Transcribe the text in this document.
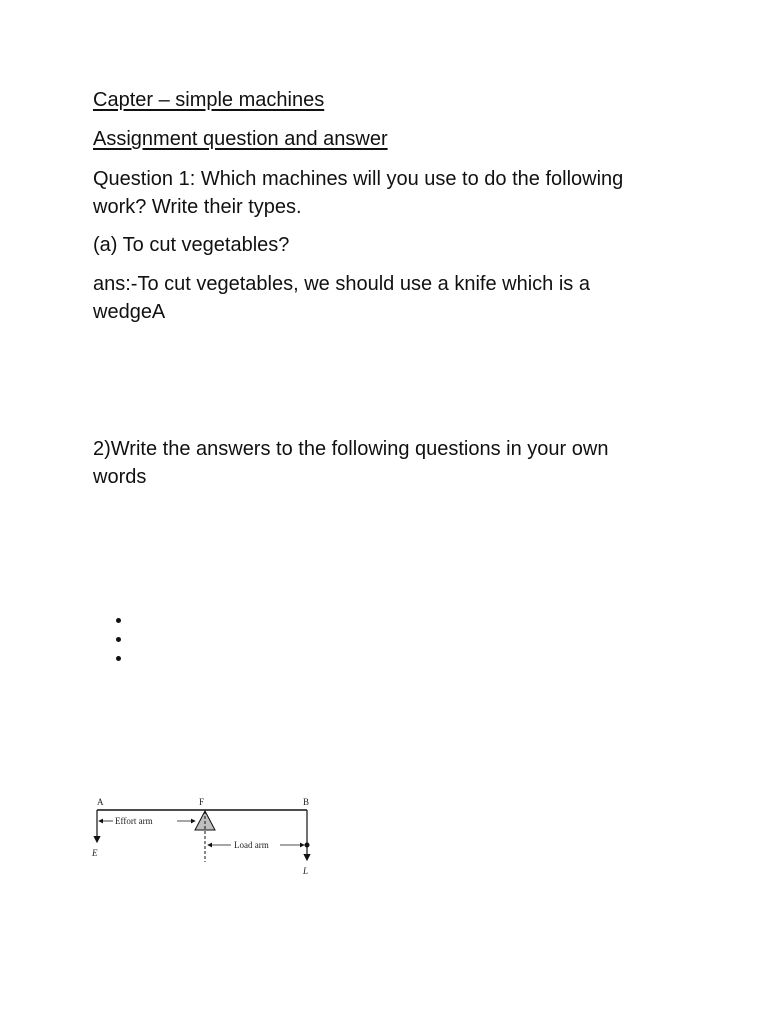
Capter – simple machines
Assignment question and answer
Question 1: Which machines will you use to do the following
work? Write their types.
(a) To cut vegetables?
ans:-To cut vegetables, we should use a knife which is a
wedgeA
2)Write the answers to the following questions in your own
words
A	F	B
E
Effort arm
Load arm
L
